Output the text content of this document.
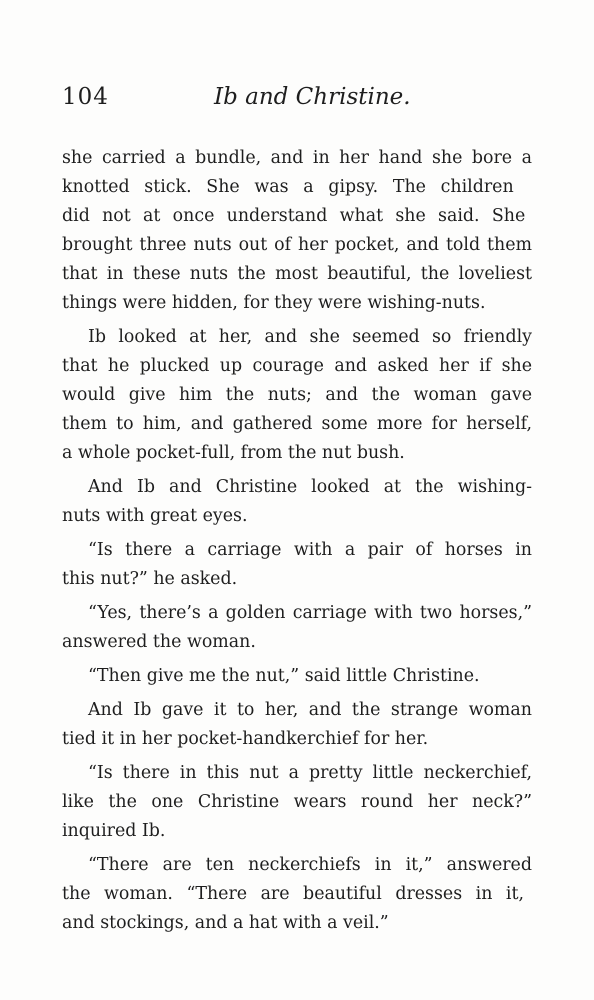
104	Ib and Christine.

she carried a bundle, and in her hand she bore a
knotted stick. She was a gipsy. The children
did not at once understand what she said. She
brought three nuts out of her pocket, and told them
that in these nuts the most beautiful, the loveliest
things were hidden, for they were wishing-nuts.

Ib looked at her, and she seemed so friendly
that he plucked up courage and asked her if she
would give him the nuts; and the woman gave
them to him, and gathered some more for herself,
a whole pocket-full, from the nut bush.

And Ib and Christine looked at the wishing-
nuts with great eyes.

“Is there a carriage with a pair of horses in
this nut?” he asked.

“Yes, there’s a golden carriage with two horses,”
answered the woman.

“Then give me the nut,” said little Christine.

And Ib gave it to her, and the strange woman
tied it in her pocket-handkerchief for her.

“Is there in this nut a pretty little neckerchief,
like the one Christine wears round her neck?”
inquired Ib.

“There are ten neckerchiefs in it,” answered
the woman. “There are beautiful dresses in it,
and stockings, and a hat with a veil.”
